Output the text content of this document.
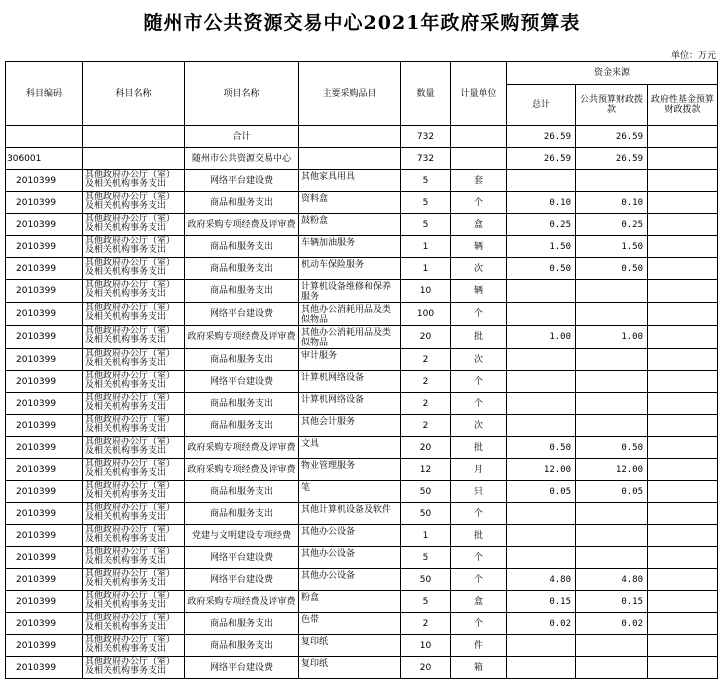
随州市公共资源交易中心2021年政府采购预算表
单位：万元
科目编码	科目名称	项目名称	主要采购品目	数量	计量单位	资金来源		
						总计	公共预算财政拨款	政府性基金预算财政拨款
		合计		732		26.59	26.59	
306001		随州市公共资源交易中心		732		26.59	26.59	
2010399	其他政府办公厅（室）及相关机构事务支出	网络平台建设费	其他家具用具	5	套			
2010399	其他政府办公厅（室）及相关机构事务支出	商品和服务支出	资料盒	5	个	0.10	0.10	
2010399	其他政府办公厅（室）及相关机构事务支出	政府采购专项经费及评审费	鼓粉盒	5	盒	0.25	0.25	
2010399	其他政府办公厅（室）及相关机构事务支出	商品和服务支出	车辆加油服务	1	辆	1.50	1.50	
2010399	其他政府办公厅（室）及相关机构事务支出	商品和服务支出	机动车保险服务	1	次	0.50	0.50	
2010399	其他政府办公厅（室）及相关机构事务支出	商品和服务支出	计算机设备维修和保养服务	10	辆			
2010399	其他政府办公厅（室）及相关机构事务支出	网络平台建设费	其他办公消耗用品及类似物品	100	个			
2010399	其他政府办公厅（室）及相关机构事务支出	政府采购专项经费及评审费	其他办公消耗用品及类似物品	20	批	1.00	1.00	
2010399	其他政府办公厅（室）及相关机构事务支出	商品和服务支出	审计服务	2	次			
2010399	其他政府办公厅（室）及相关机构事务支出	网络平台建设费	计算机网络设备	2	个			
2010399	其他政府办公厅（室）及相关机构事务支出	商品和服务支出	计算机网络设备	2	个			
2010399	其他政府办公厅（室）及相关机构事务支出	商品和服务支出	其他会计服务	2	次			
2010399	其他政府办公厅（室）及相关机构事务支出	政府采购专项经费及评审费	文具	20	批	0.50	0.50	
2010399	其他政府办公厅（室）及相关机构事务支出	政府采购专项经费及评审费	物业管理服务	12	月	12.00	12.00	
2010399	其他政府办公厅（室）及相关机构事务支出	商品和服务支出	笔	50	只	0.05	0.05	
2010399	其他政府办公厅（室）及相关机构事务支出	商品和服务支出	其他计算机设备及软件	50	个			
2010399	其他政府办公厅（室）及相关机构事务支出	党建与文明建设专项经费	其他办公设备	1	批			
2010399	其他政府办公厅（室）及相关机构事务支出	网络平台建设费	其他办公设备	5	个			
2010399	其他政府办公厅（室）及相关机构事务支出	网络平台建设费	其他办公设备	50	个	4.80	4.80	
2010399	其他政府办公厅（室）及相关机构事务支出	政府采购专项经费及评审费	粉盒	5	盒	0.15	0.15	
2010399	其他政府办公厅（室）及相关机构事务支出	商品和服务支出	色带	2	个	0.02	0.02	
2010399	其他政府办公厅（室）及相关机构事务支出	商品和服务支出	复印纸	10	件			
2010399	其他政府办公厅（室）及相关机构事务支出	网络平台建设费	复印纸	20	箱			
